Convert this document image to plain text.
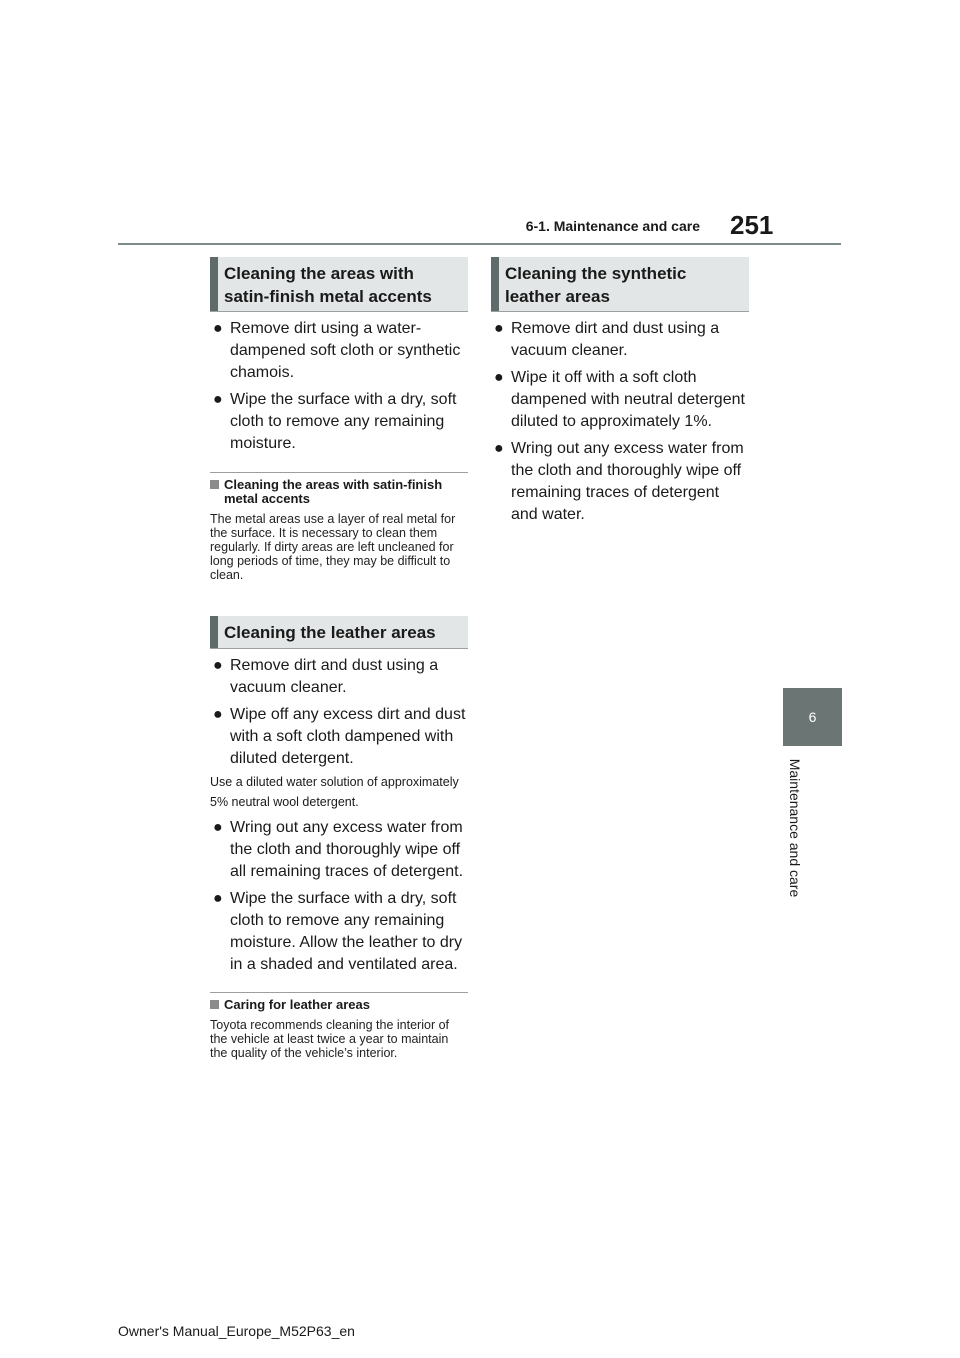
6-1. Maintenance and care 251
6
Maintenance and care
Cleaning the areas with satin-finish metal accents
● Remove dirt using a water-dampened soft cloth or synthetic chamois.
● Wipe the surface with a dry, soft cloth to remove any remaining moisture.
Cleaning the areas with satin-finish metal accents
The metal areas use a layer of real metal for the surface. It is necessary to clean them regularly. If dirty areas are left uncleaned for long periods of time, they may be difficult to clean.
Cleaning the leather areas
● Remove dirt and dust using a vacuum cleaner.
● Wipe off any excess dirt and dust with a soft cloth dampened with diluted detergent.
Use a diluted water solution of approximately 5% neutral wool detergent.
● Wring out any excess water from the cloth and thoroughly wipe off all remaining traces of detergent.
● Wipe the surface with a dry, soft cloth to remove any remaining moisture. Allow the leather to dry in a shaded and ventilated area.
Caring for leather areas
Toyota recommends cleaning the interior of the vehicle at least twice a year to maintain the quality of the vehicle’s interior.
Cleaning the synthetic leather areas
● Remove dirt and dust using a vacuum cleaner.
● Wipe it off with a soft cloth dampened with neutral detergent diluted to approximately 1%.
● Wring out any excess water from the cloth and thoroughly wipe off remaining traces of detergent and water.
Owner's Manual_Europe_M52P63_en
